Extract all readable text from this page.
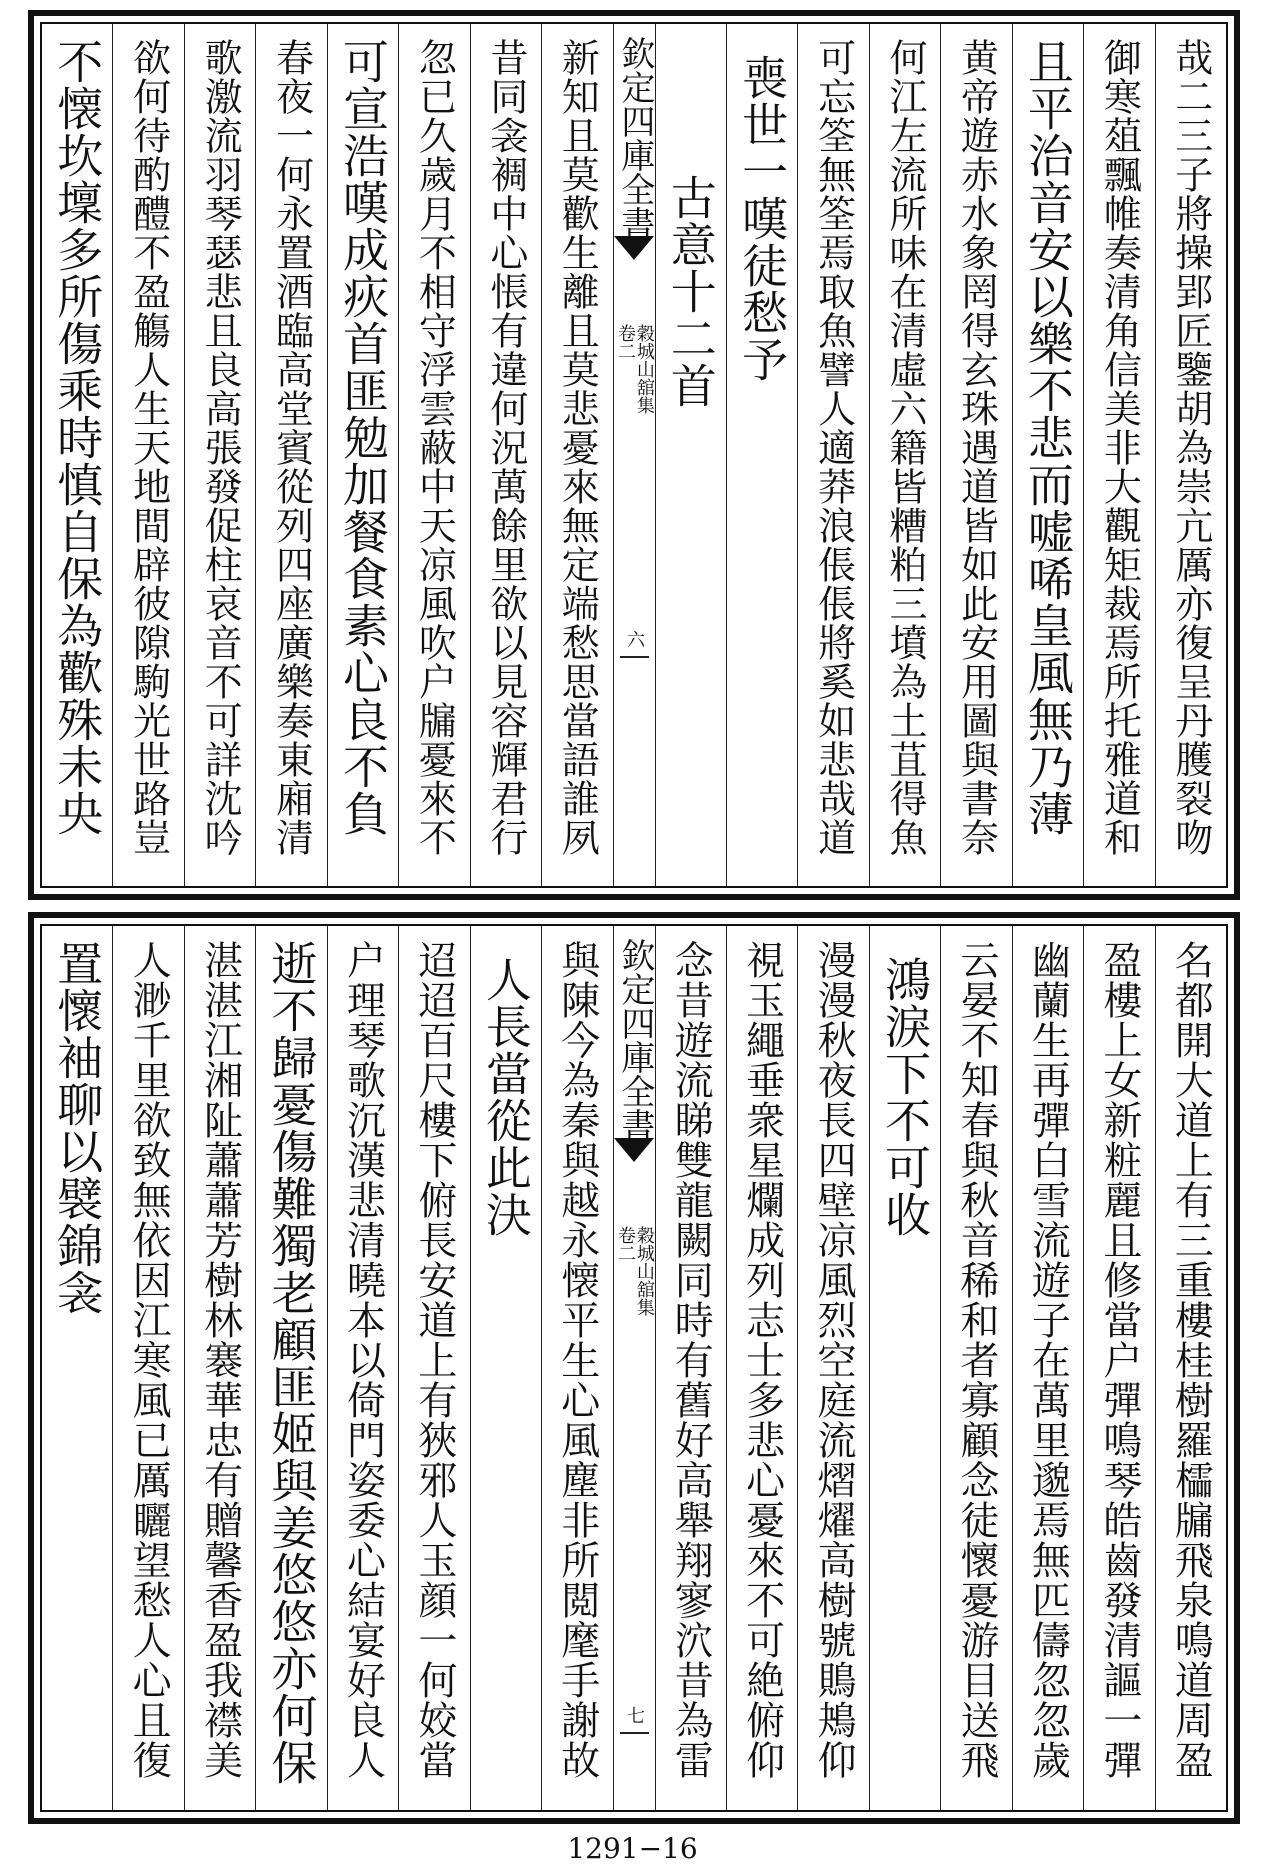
哉二三子將操郢匠鑒胡為崇亢厲亦復呈丹臒裂吻
御寒葅飄帷奏清角信美非大觀矩裁焉所托雅道和
且平治音安以樂不悲而嘘唏皇風無乃薄
黄帝遊赤水象罔得玄珠遇道皆如此安用圖與書奈
何江左流所味在清虛六籍皆糟粕三墳為土苴得魚
可忘筌無筌焉取魚譬人適莽浪倀倀將奚如悲哉道
喪世一嘆徒愁予
古意十二首
欽定四庫全書
穀城山舘集
卷二
六
新知且莫歡生離且莫悲憂來無定端愁思當語誰夙
昔同衾裯中心悵有違何況萬餘里欲以見容輝君行
忽已久歲月不相守浮雲蔽中天凉風吹户牖憂來不
可宣浩嘆成疢首匪勉加餐食素心良不負
春夜一何永置酒臨高堂賓從列四座廣樂奏東廂清
歌激流羽琴瑟悲且良高張發促柱哀音不可詳沈吟
欲何待酌醴不盈觴人生天地間辟彼隙駒光世路豈
不懐坎壈多所傷乘時慎自保為歡殊未央
名都開大道上有三重樓桂樹羅櫺牖飛泉鳴道周盈
盈樓上女新粧麗且修當户彈鳴琴皓齒發清謳一彈
幽蘭生再彈白雪流遊子在萬里邈焉無匹儔忽忽歲
云晏不知春與秋音稀和者寡顧念徒懷憂游目送飛
鴻淚下不可收
漫漫秋夜長四壁凉風烈空庭流熠燿高樹號鵙鴂仰
視玉繩垂衆星爛成列志士多悲心憂來不可絶俯仰
念昔遊流睇雙龍闕同時有舊好高舉翔寥泬昔為雷
欽定四庫全書
穀城山舘集
卷二
七
與陳今為秦與越永懐平生心風塵非所閲麾手謝故
人長當從此決
迢迢百尺樓下俯長安道上有狹邪人玉顔一何姣當
户理琴歌沉漢悲清曉本以倚門姿委心結宴好良人
逝不歸憂傷難獨老顧匪姬與姜悠悠亦何保
湛湛江湘阯蕭蕭芳樹林褰華忠有贈馨香盈我襟美
人渺千里欲致無依因江寒風已厲矖望愁人心且復
置懷袖聊以襞錦衾
1291−16
